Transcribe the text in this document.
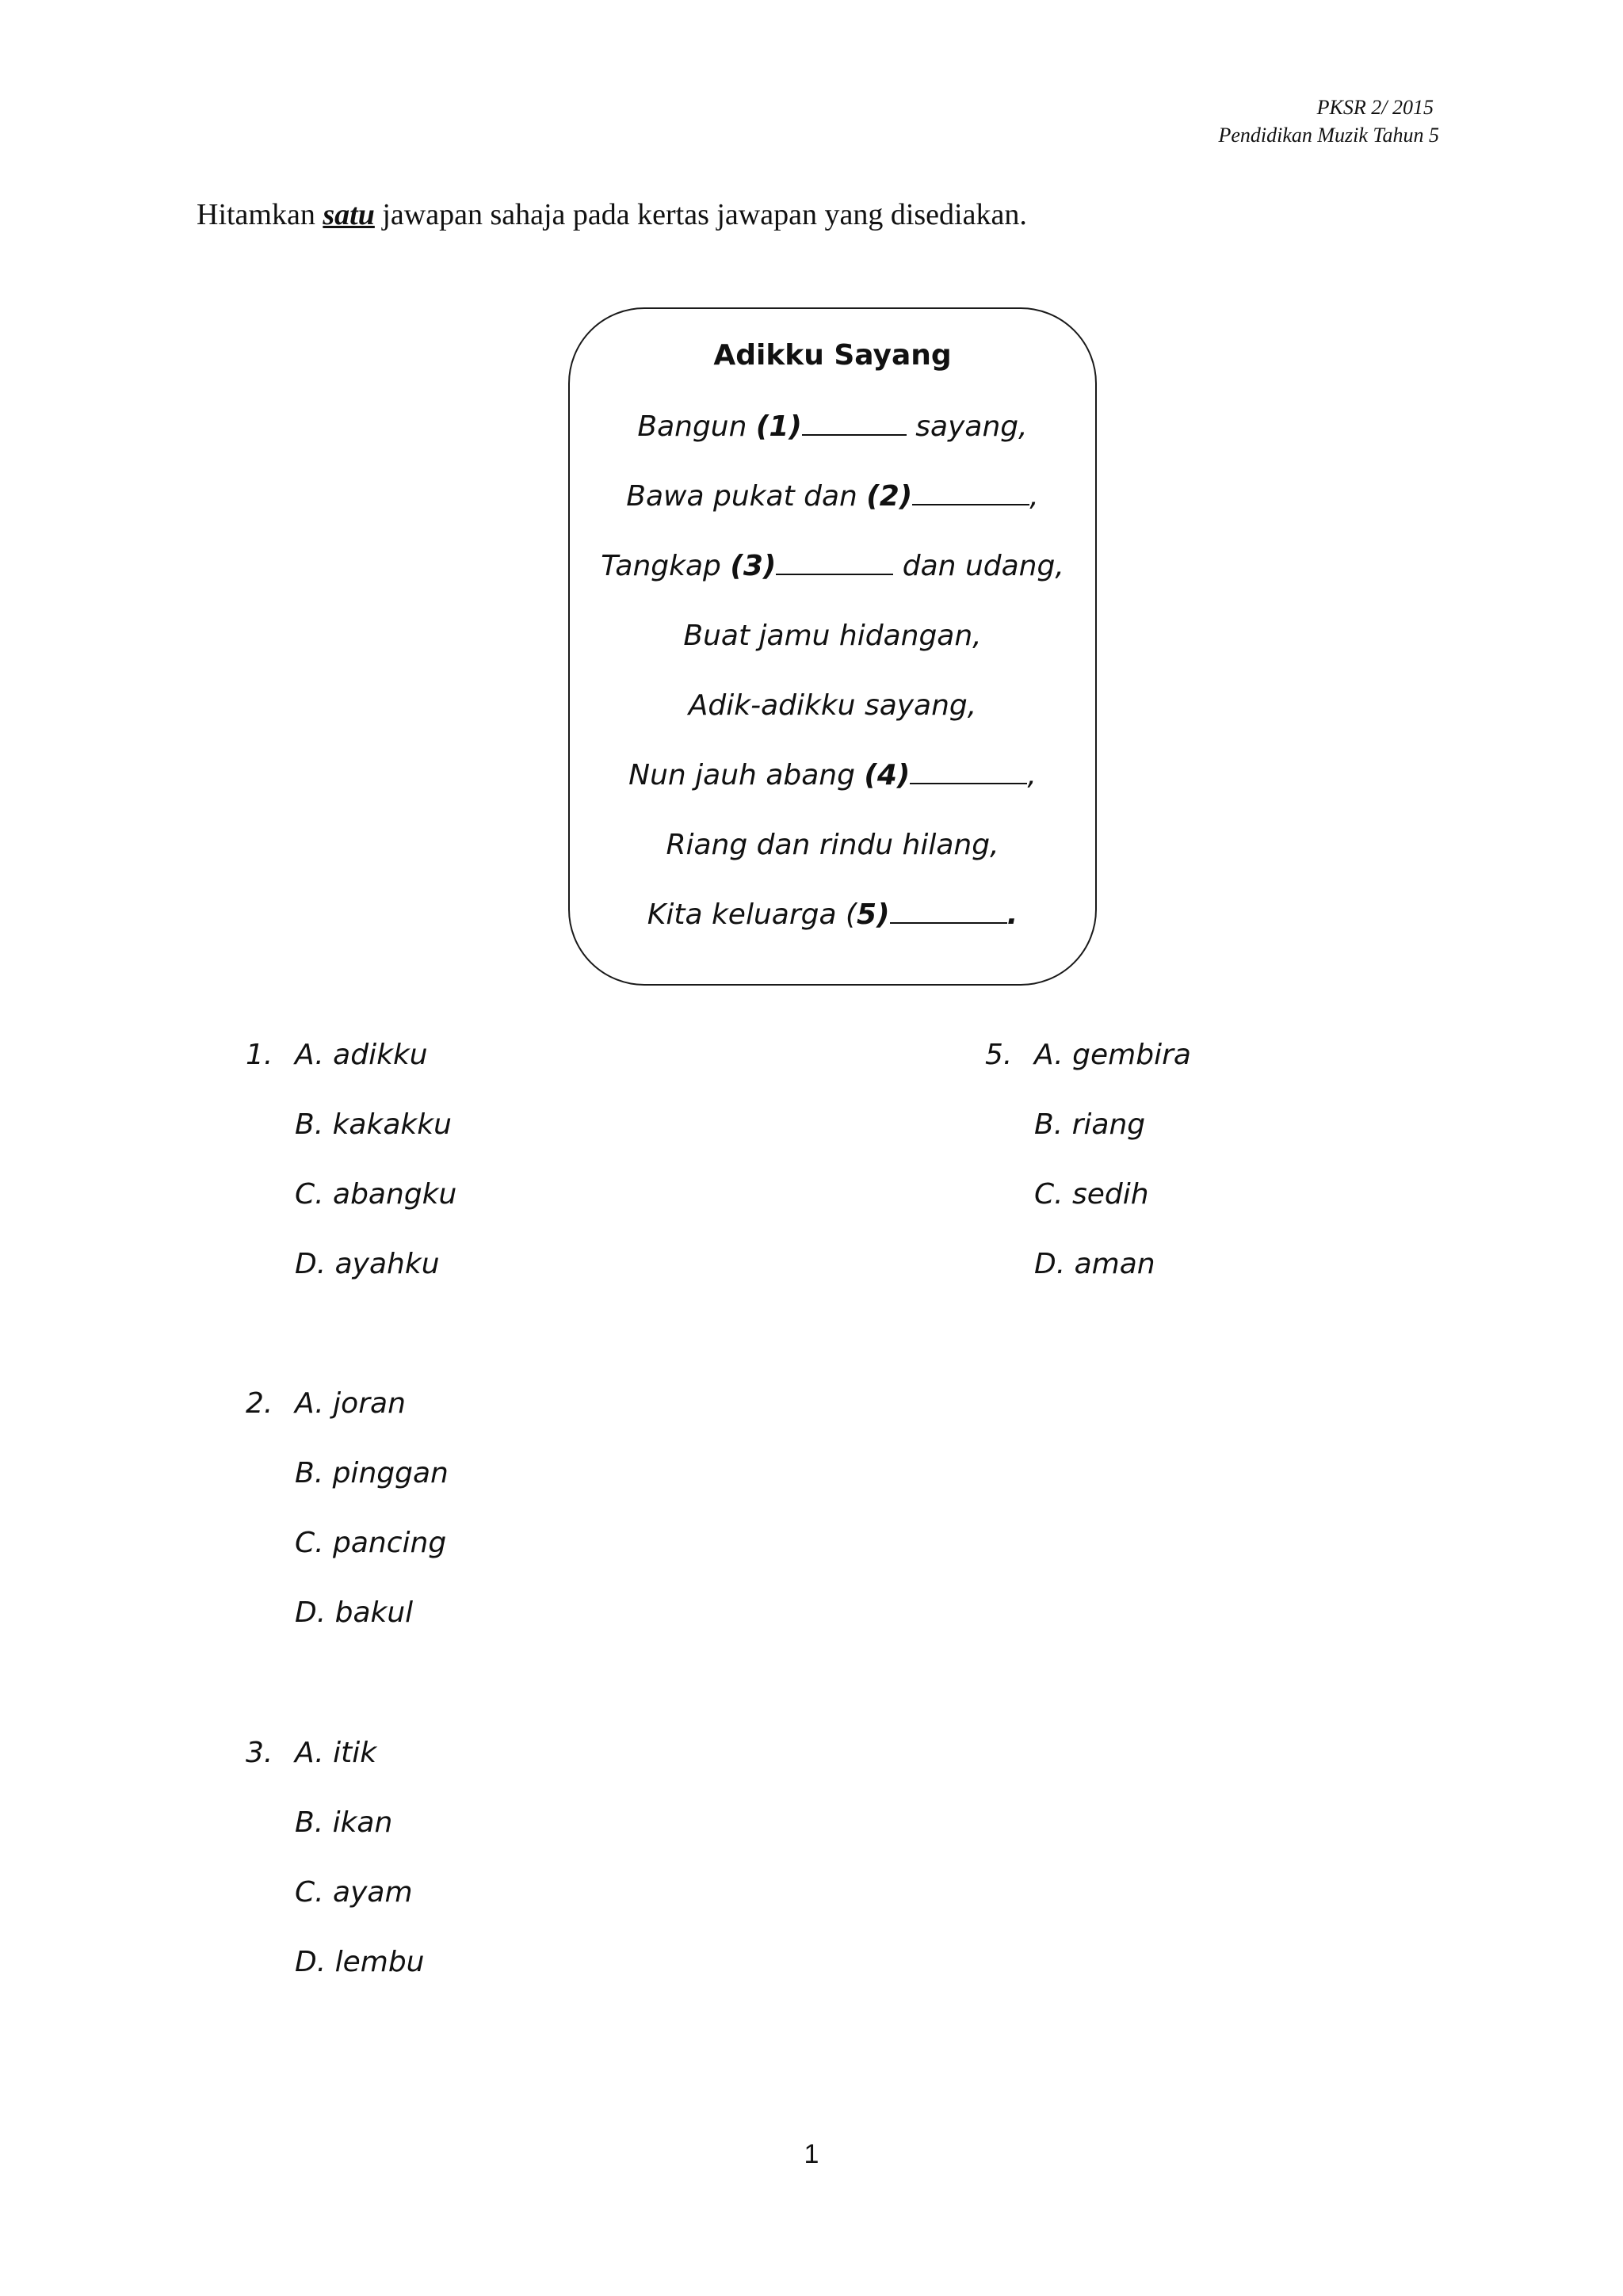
PKSR 2/ 2015
Pendidikan Muzik Tahun 5
Hitamkan satu jawapan sahaja pada kertas jawapan yang disediakan.
Adikku Sayang
Bangun (1)	sayang,
Bawa pukat dan (2)	,
Tangkap (3)	dan udang,
Buat jamu hidangan,
Adik-adikku sayang,
Nun jauh abang (4)	,
Riang dan rindu hilang,
Kita keluarga (5)	.
1. A. adikku
B. kakakku
C. abangku
D. ayahku
2. A. joran
B. pinggan
C. pancing
D. bakul
3. A. itik
B. ikan
C. ayam
D. lembu
5. A. gembira
B. riang
C. sedih
D. aman
1
